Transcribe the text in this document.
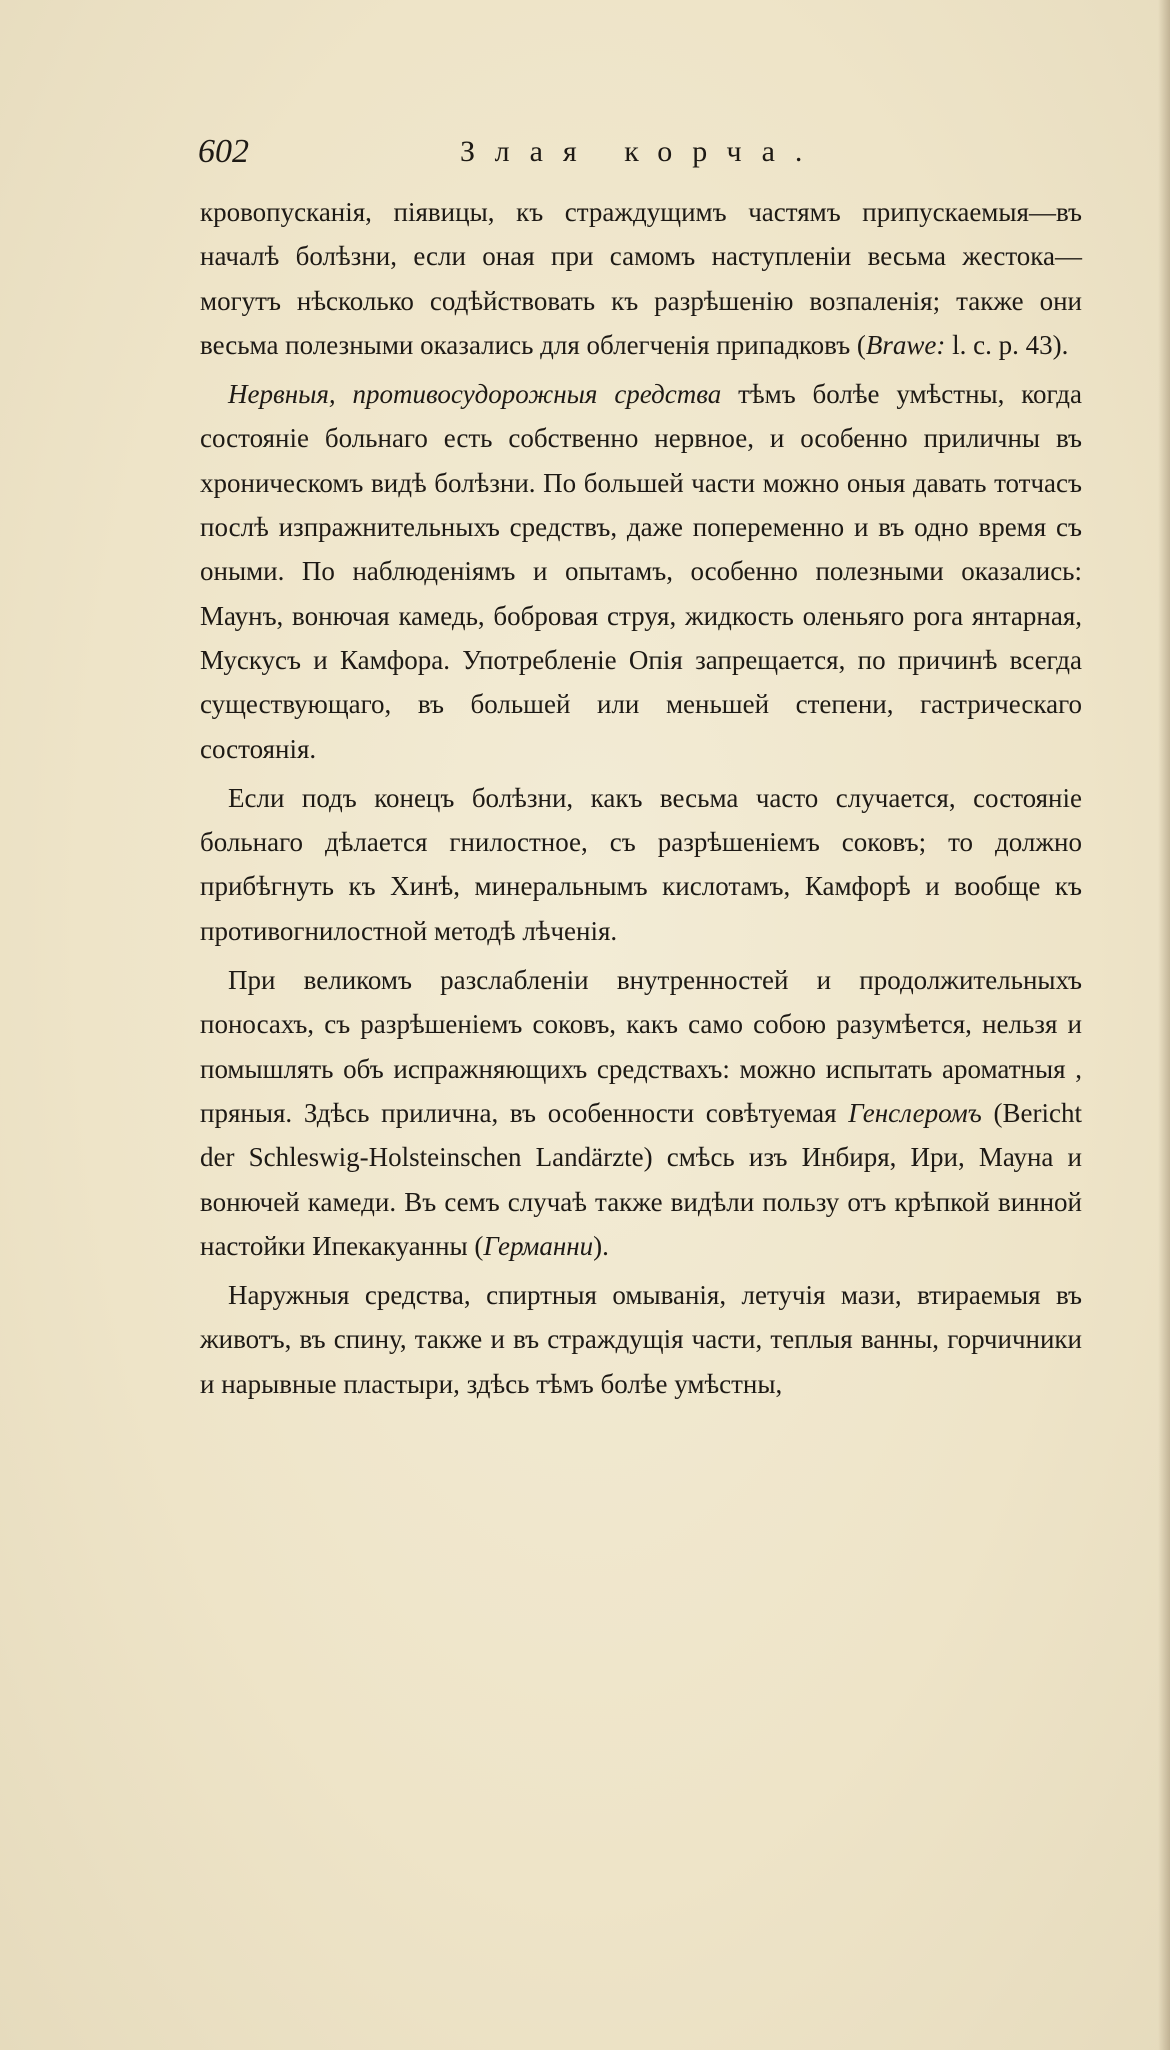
602	Злая корча.

кровопусканія, піявицы, къ страждущимъ частямъ припускаемыя—въ началѣ болѣзни, если оная при самомъ наступленіи весьма жестока—могутъ нѣсколько содѣйствовать къ разрѣшенію возпаленія; также они весьма полезными оказались для облегченія припадковъ (Brawe: l. c. p. 43).

Нервныя, противосудорожныя средства тѣмъ болѣе умѣстны, когда состояніе больнаго есть собственно нервное, и особенно приличны въ хроническомъ видѣ болѣзни. По большей части можно оныя давать тотчасъ послѣ изпражнительныхъ средствъ, даже попеременно и въ одно время съ оными. По наблюденіямъ и опытамъ, особенно полезными оказались: Маунъ, вонючая камедь, бобровая струя, жидкость оленьяго рога янтарная, Мускусъ и Камфора. Употребленіе Опія запрещается, по причинѣ всегда существующаго, въ большей или меньшей степени, гастрическаго состоянія.

Если подъ конецъ болѣзни, какъ весьма часто случается, состояніе больнаго дѣлается гнилостное, съ разрѣшеніемъ соковъ; то должно прибѣгнуть къ Хинѣ, минеральнымъ кислотамъ, Камфорѣ и вообще къ противогнилостной методѣ лѣченія.

При великомъ разслабленіи внутренностей и продолжительныхъ поносахъ, съ разрѣшеніемъ соковъ, какъ само собою разумѣется, нельзя и помышлять объ испражняющихъ средствахъ: можно испытать ароматныя , пряныя. Здѣсь прилична, въ особенности совѣтуемая Генслеромъ (Bericht der Schleswig-Holsteinschen Landärzte) смѣсь изъ Инбиря, Ири, Мауна и вонючей камеди. Въ семъ случаѣ также видѣли пользу отъ крѣпкой винной настойки Ипекакуанны (Германни).

Наружныя средства, спиртныя омыванія, летучія мази, втираемыя въ животъ, въ спину, также и въ страждущія части, теплыя ванны, горчичники и нарывные пластыри, здѣсь тѣмъ болѣе умѣстны,
